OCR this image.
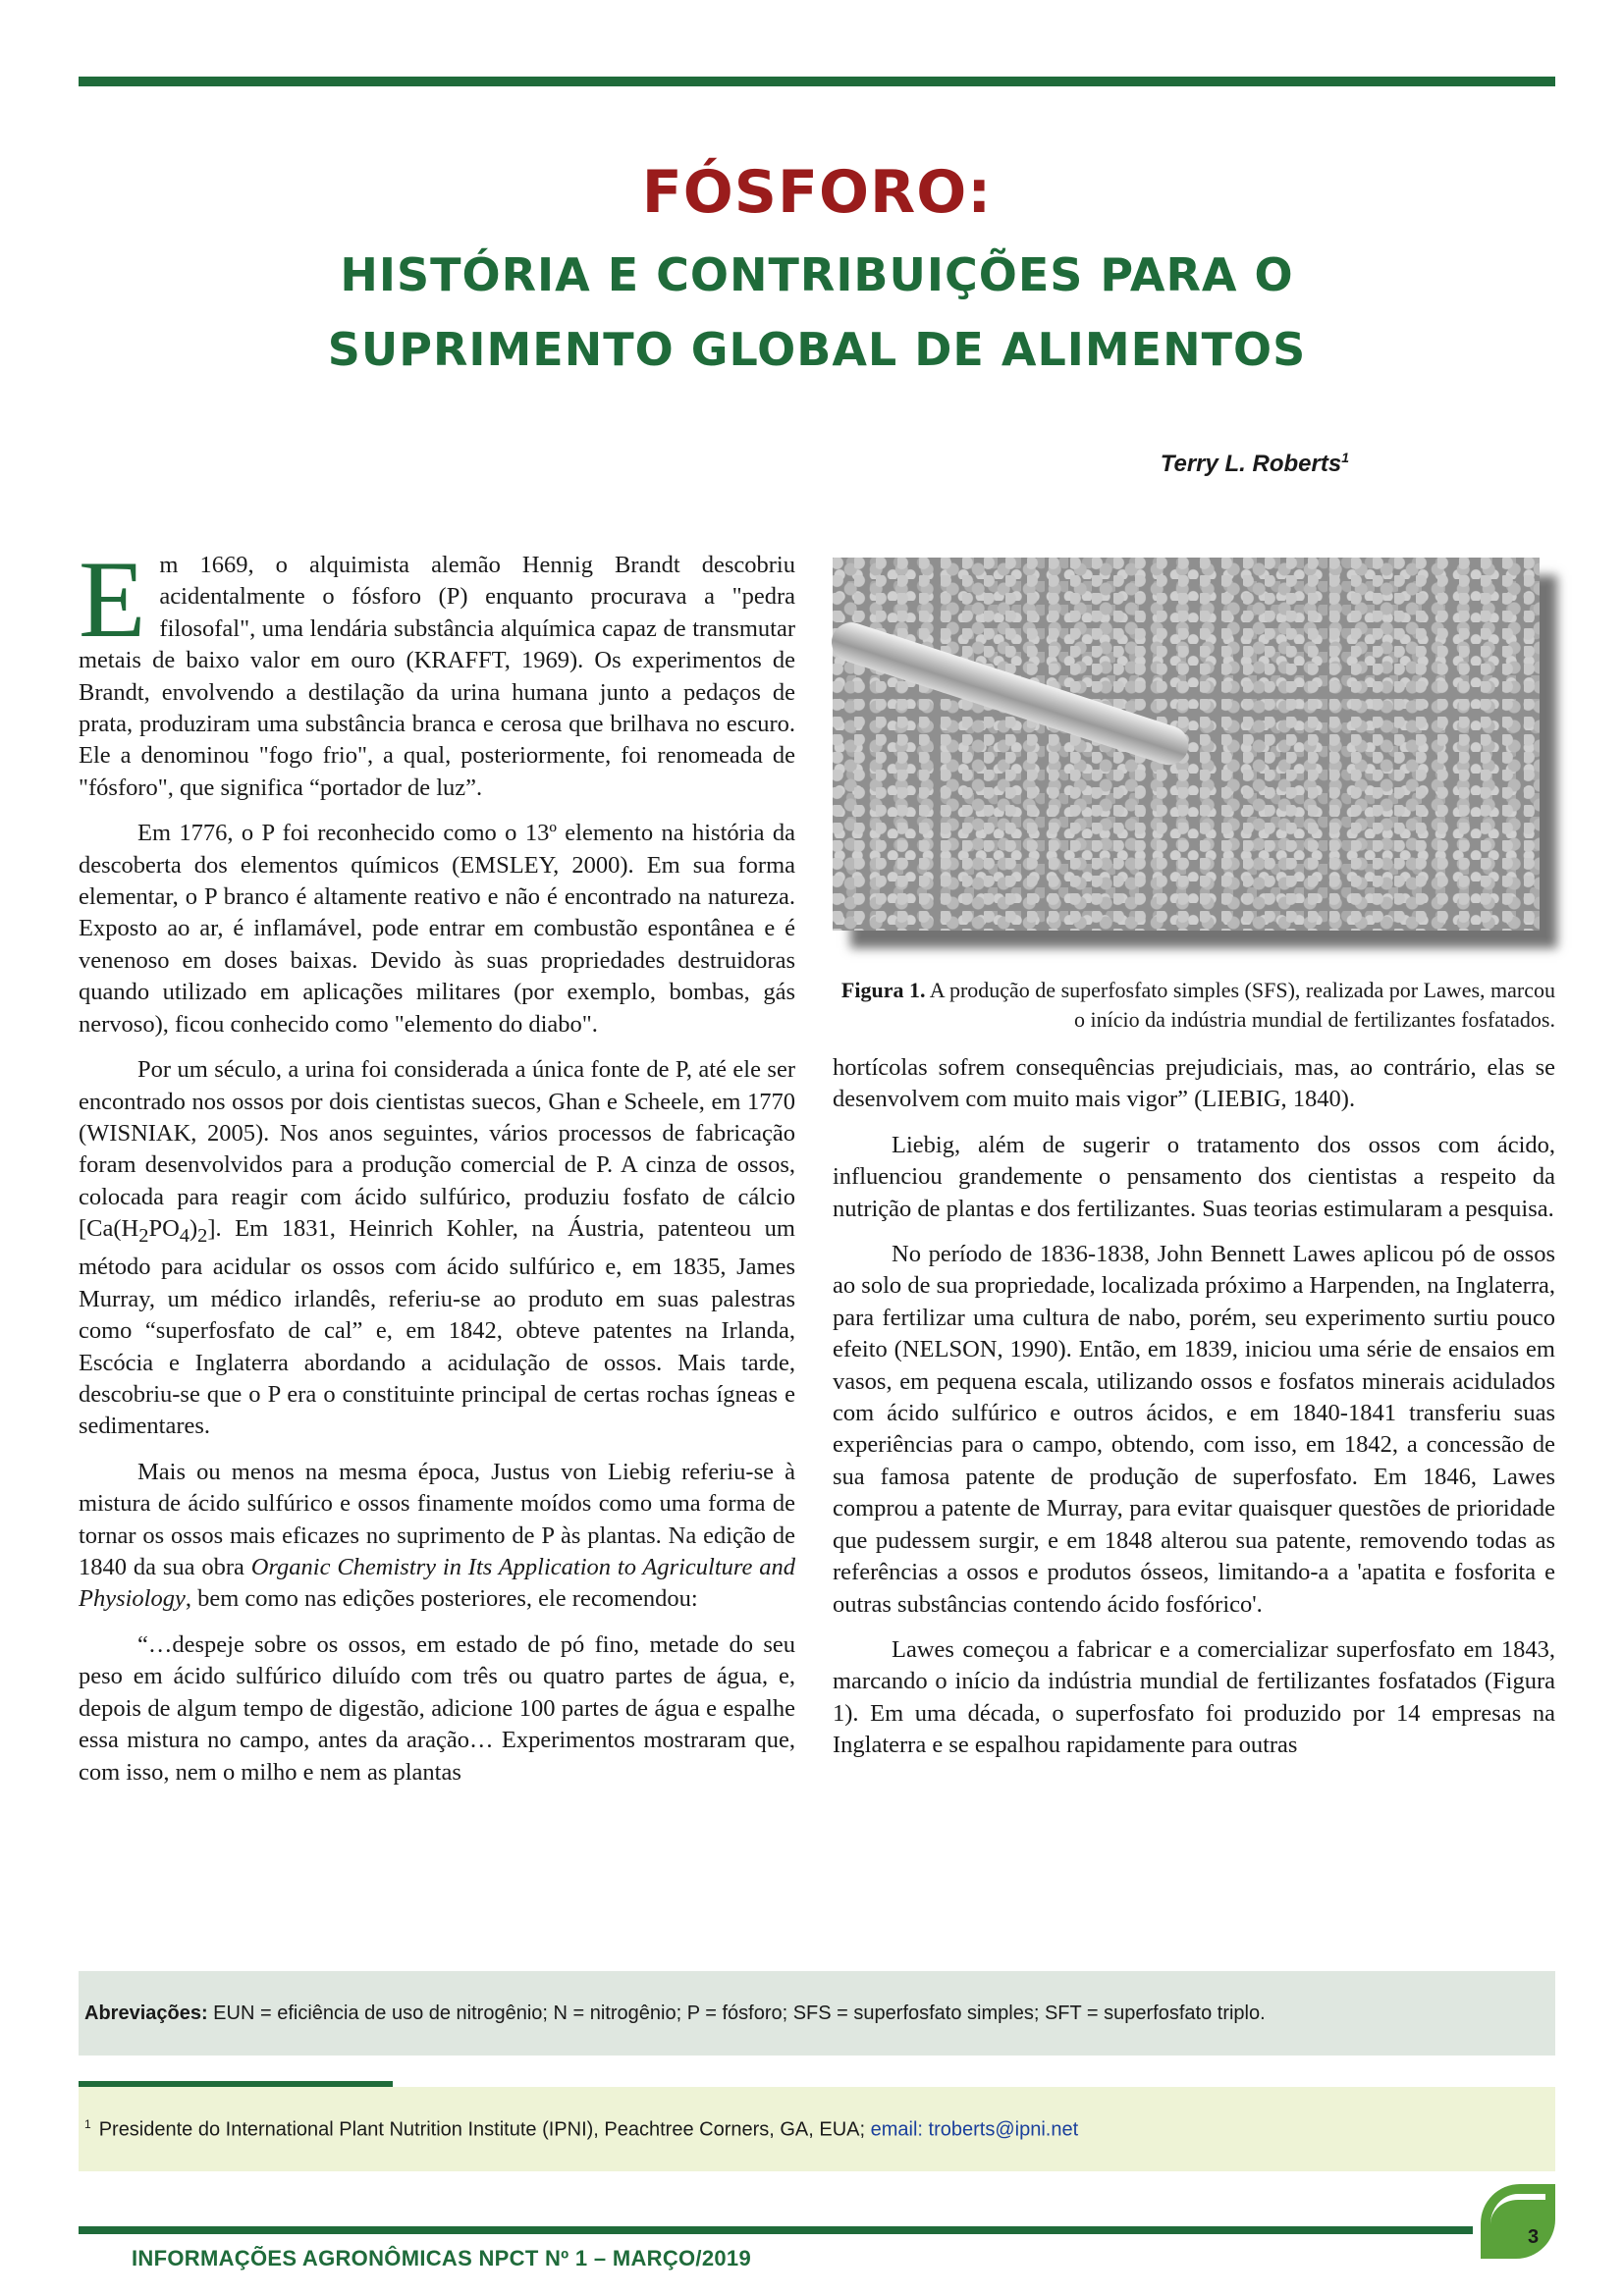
FÓSFORO:
HISTÓRIA E CONTRIBUIÇÕES PARA O
SUPRIMENTO GLOBAL DE ALIMENTOS
Terry L. Roberts$^1$

Em 1669, o alquimista alemão Hennig Brandt descobriu acidentalmente o fósforo (P) enquanto procurava a "pedra filosofal", uma lendária substância alquímica capaz de transmutar metais de baixo valor em ouro (KRAFFT, 1969). Os experimentos de Brandt, envolvendo a destilação da urina humana junto a pedaços de prata, produziram uma substância branca e cerosa que brilhava no escuro. Ele a denominou "fogo frio", a qual, posteriormente, foi renomeada de "fósforo", que significa “portador de luz”.

Em 1776, o P foi reconhecido como o 13º elemento na história da descoberta dos elementos químicos (EMSLEY, 2000). Em sua forma elementar, o P branco é altamente reativo e não é encontrado na natureza. Exposto ao ar, é inflamável, pode entrar em combustão espontânea e é venenoso em doses baixas. Devido às suas propriedades destruidoras quando utilizado em aplicações militares (por exemplo, bombas, gás nervoso), ficou conhecido como "elemento do diabo".

Por um século, a urina foi considerada a única fonte de P, até ele ser encontrado nos ossos por dois cientistas suecos, Ghan e Scheele, em 1770 (WISNIAK, 2005). Nos anos seguintes, vários processos de fabricação foram desenvolvidos para a produção comercial de P. A cinza de ossos, colocada para reagir com ácido sulfúrico, produziu fosfato de cálcio $[Ca(H_2PO_4)_2]$. Em 1831, Heinrich Kohler, na Áustria, patenteou um método para acidular os ossos com ácido sulfúrico e, em 1835, James Murray, um médico irlandês, referiu-se ao produto em suas palestras como “superfosfato de cal” e, em 1842, obteve patentes na Irlanda, Escócia e Inglaterra abordando a acidulação de ossos. Mais tarde, descobriu-se que o P era o constituinte principal de certas rochas ígneas e sedimentares.

Mais ou menos na mesma época, Justus von Liebig referiu-se à mistura de ácido sulfúrico e ossos finamente moídos como uma forma de tornar os ossos mais eficazes no suprimento de P às plantas. Na edição de 1840 da sua obra Organic Chemistry in Its Application to Agriculture and Physiology, bem como nas edições posteriores, ele recomendou:

“…despeje sobre os ossos, em estado de pó fino, metade do seu peso em ácido sulfúrico diluído com três ou quatro partes de água, e, depois de algum tempo de digestão, adicione 100 partes de água e espalhe essa mistura no campo, antes da aração… Experimentos mostraram que, com isso, nem o milho e nem as plantas

Figura 1. A produção de superfosfato simples (SFS), realizada por Lawes, marcou o início da indústria mundial de fertilizantes fosfatados.

hortícolas sofrem consequências prejudiciais, mas, ao contrário, elas se desenvolvem com muito mais vigor” (LIEBIG, 1840).

Liebig, além de sugerir o tratamento dos ossos com ácido, influenciou grandemente o pensamento dos cientistas a respeito da nutrição de plantas e dos fertilizantes. Suas teorias estimularam a pesquisa.

No período de 1836-1838, John Bennett Lawes aplicou pó de ossos ao solo de sua propriedade, localizada próximo a Harpenden, na Inglaterra, para fertilizar uma cultura de nabo, porém, seu experimento surtiu pouco efeito (NELSON, 1990). Então, em 1839, iniciou uma série de ensaios em vasos, em pequena escala, utilizando ossos e fosfatos minerais acidulados com ácido sulfúrico e outros ácidos, e em 1840-1841 transferiu suas experiências para o campo, obtendo, com isso, em 1842, a concessão de sua famosa patente de produção de superfosfato. Em 1846, Lawes comprou a patente de Murray, para evitar quaisquer questões de prioridade que pudessem surgir, e em 1848 alterou sua patente, removendo todas as referências a ossos e produtos ósseos, limitando-a a 'apatita e fosforita e outras substâncias contendo ácido fosfórico'.

Lawes começou a fabricar e a comercializar superfosfato em 1843, marcando o início da indústria mundial de fertilizantes fosfatados (Figura 1). Em uma década, o superfosfato foi produzido por 14 empresas na Inglaterra e se espalhou rapidamente para outras

Abreviações: EUN = eficiência de uso de nitrogênio; N = nitrogênio; P = fósforo; SFS = superfosfato simples; SFT = superfosfato triplo.
$^1$ Presidente do International Plant Nutrition Institute (IPNI), Peachtree Corners, GA, EUA; email: troberts@ipni.net
3
INFORMAÇÕES AGRONÔMICAS NPCT Nº 1 – MARÇO/2019
